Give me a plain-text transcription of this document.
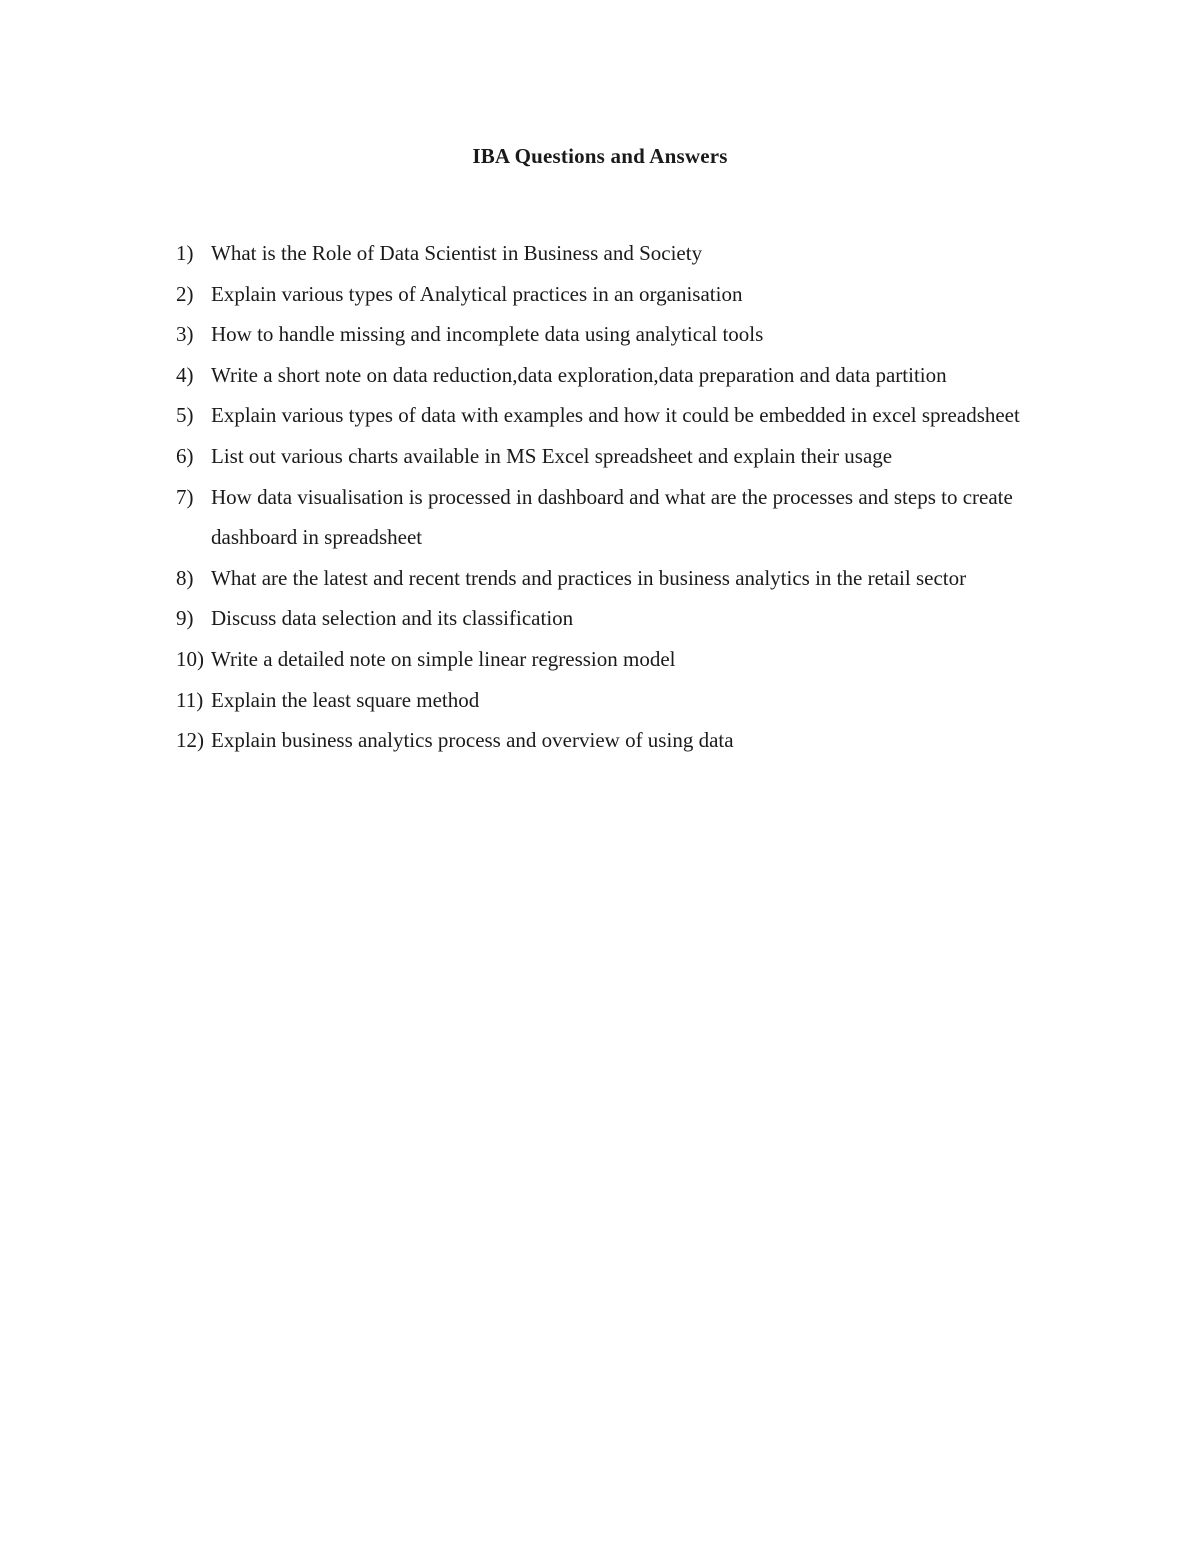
IBA Questions and Answers
1) What is the Role of Data Scientist in Business and Society
2) Explain various types of Analytical practices in an organisation
3) How to handle missing and incomplete data using analytical tools
4) Write a short note on data reduction,data exploration,data preparation and data partition
5) Explain various types of data with examples and how it could be embedded in excel spreadsheet
6) List out various charts available in MS Excel spreadsheet and explain their usage
7) How data visualisation is processed in dashboard and what are the processes and steps to create dashboard in spreadsheet
8) What are the latest and recent trends and practices in business analytics in the retail sector
9) Discuss data selection and its classification
10) Write a detailed note on simple linear regression model
11) Explain the least square method
12) Explain business analytics process and overview of using data
